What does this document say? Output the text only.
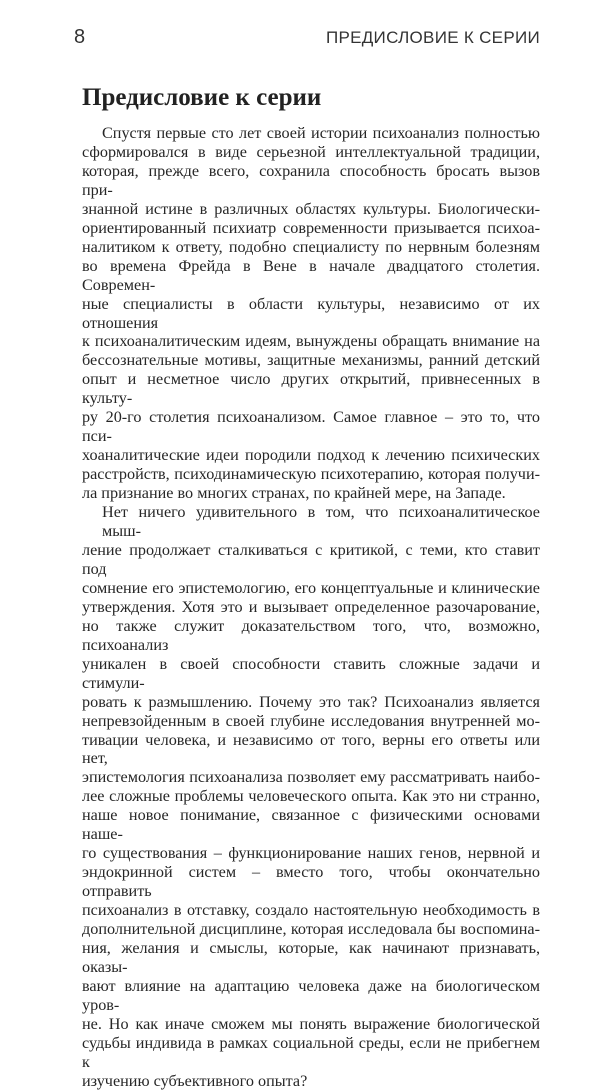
8	ПРЕДИСЛОВИЕ К СЕРИИ
Предисловие к серии
Спустя первые сто лет своей истории психоанализ полностью
сформировался в виде серьезной интеллектуальной традиции,
которая, прежде всего, сохранила способность бросать вызов при-
знанной истине в различных областях культуры. Биологически-
ориентированный психиатр современности призывается психоа-
налитиком к ответу, подобно специалисту по нервным болезням
во времена Фрейда в Вене в начале двадцатого столетия. Современ-
ные специалисты в области культуры, независимо от их отношения
к психоаналитическим идеям, вынуждены обращать внимание на
бессознательные мотивы, защитные механизмы, ранний детский
опыт и несметное число других открытий, привнесенных в культу-
ру 20-го столетия психоанализом. Самое главное – это то, что пси-
хоаналитические идеи породили подход к лечению психических
расстройств, психодинамическую психотерапию, которая получи-
ла признание во многих странах, по крайней мере, на Западе.
Нет ничего удивительного в том, что психоаналитическое мыш-
ление продолжает сталкиваться с критикой, с теми, кто ставит под
сомнение его эпистемологию, его концептуальные и клинические
утверждения. Хотя это и вызывает определенное разочарование,
но также служит доказательством того, что, возможно, психоанализ
уникален в своей способности ставить сложные задачи и стимули-
ровать к размышлению. Почему это так? Психоанализ является
непревзойденным в своей глубине исследования внутренней мо-
тивации человека, и независимо от того, верны его ответы или нет,
эпистемология психоанализа позволяет ему рассматривать наибо-
лее сложные проблемы человеческого опыта. Как это ни странно,
наше новое понимание, связанное с физическими основами наше-
го существования – функционирование наших генов, нервной и
эндокринной систем – вместо того, чтобы окончательно отправить
психоанализ в отставку, создало настоятельную необходимость в
дополнительной дисциплине, которая исследовала бы воспомина-
ния, желания и смыслы, которые, как начинают признавать, оказы-
вают влияние на адаптацию человека даже на биологическом уров-
не. Но как иначе сможем мы понять выражение биологической
судьбы индивида в рамках социальной среды, если не прибегнем к
изучению субъективного опыта?
